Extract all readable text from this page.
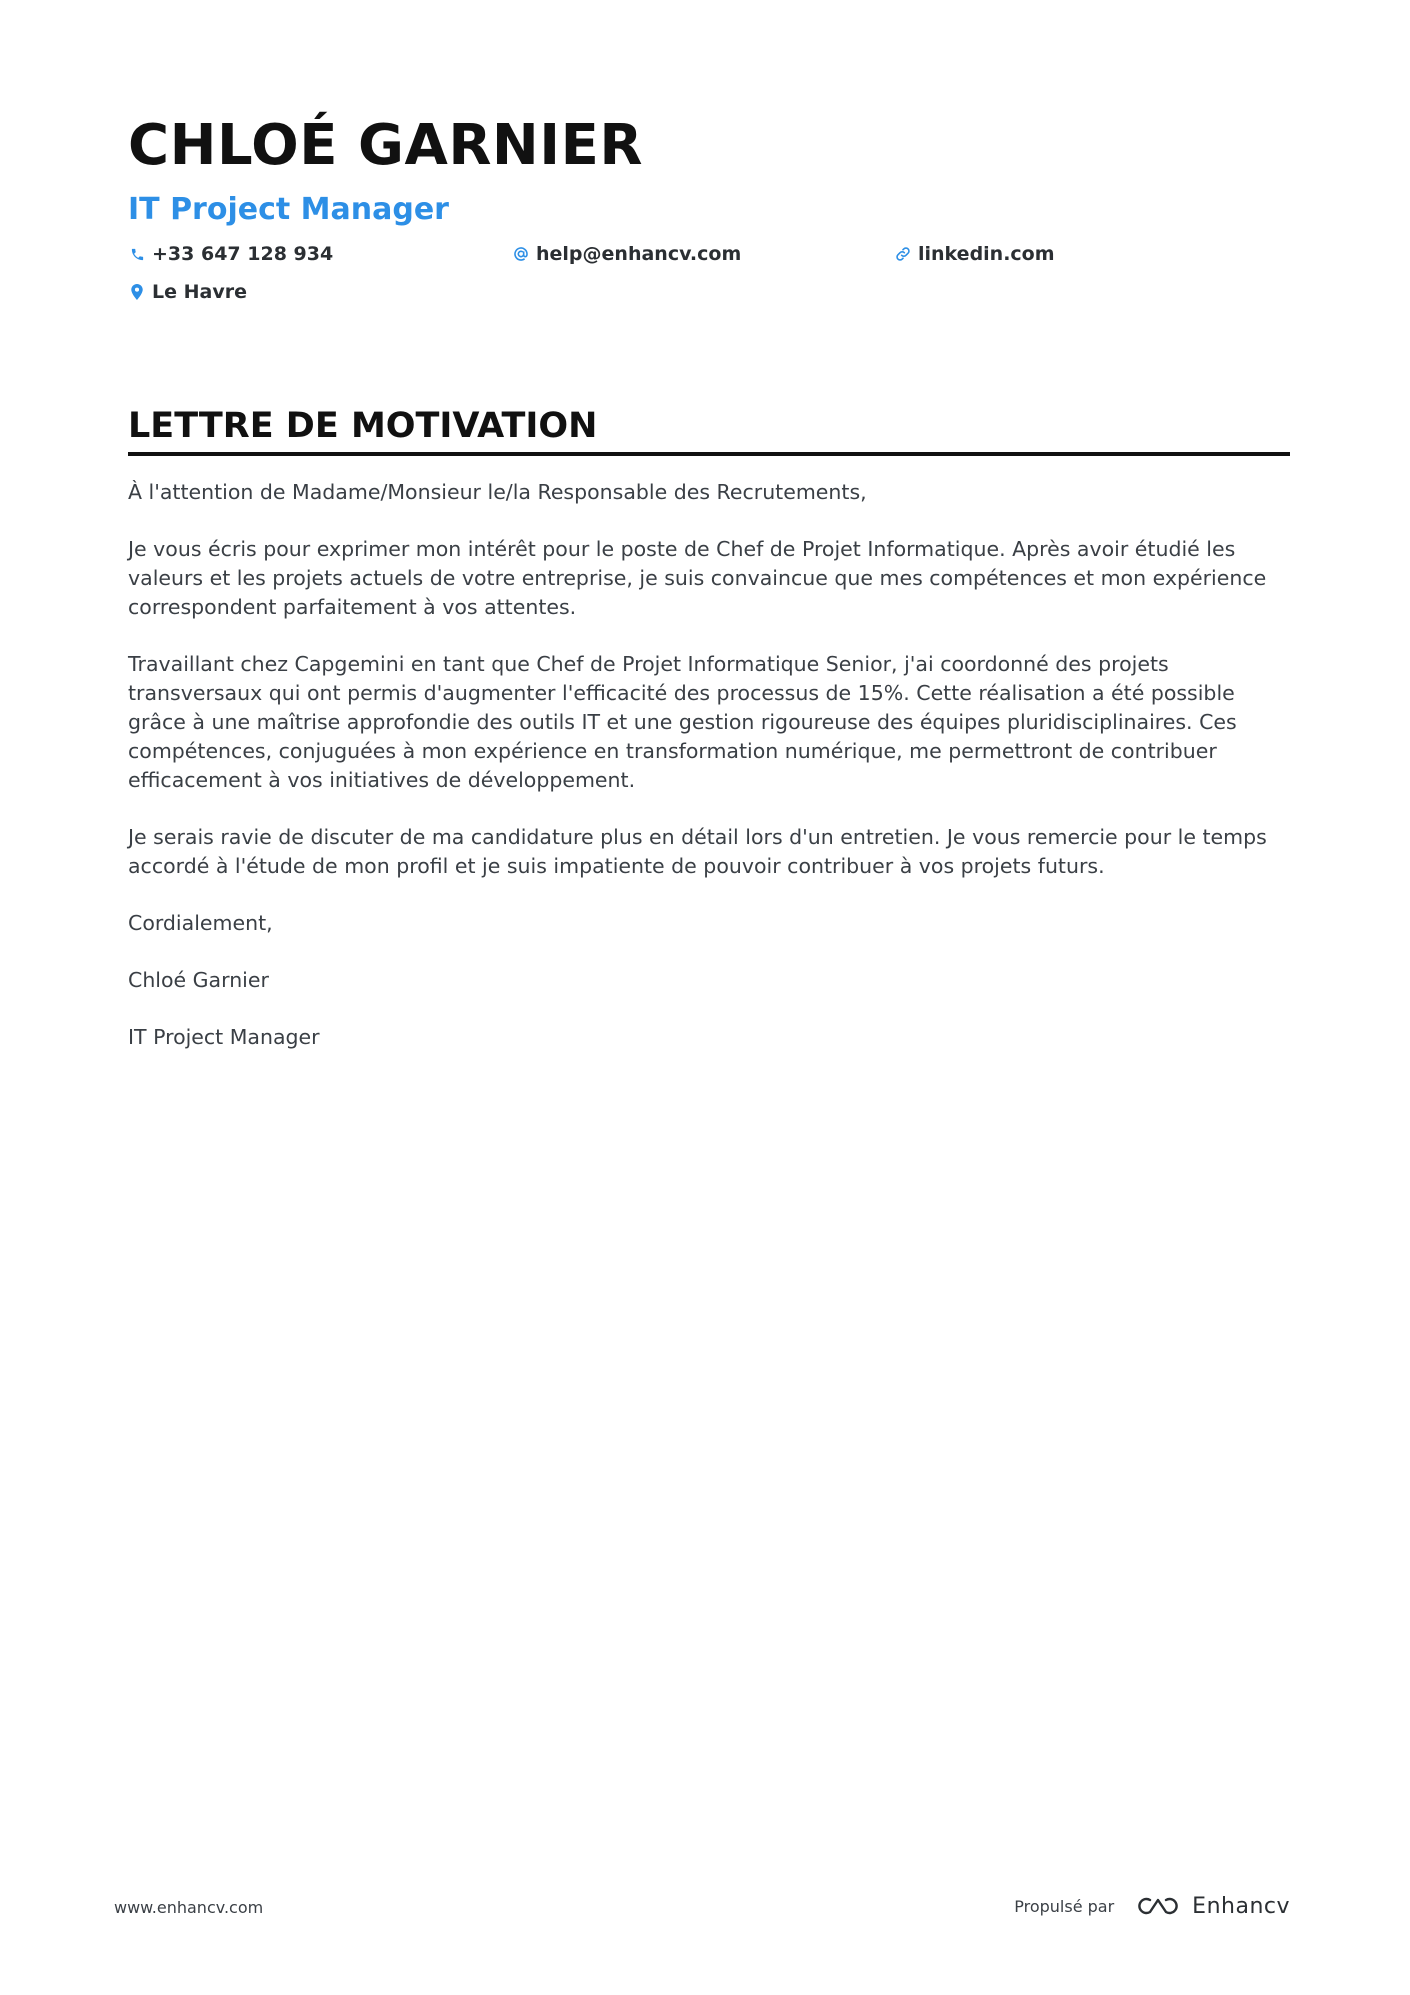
CHLOÉ GARNIER
IT Project Manager
+33 647 128 934	help@enhancv.com	linkedin.com
Le Havre
LETTRE DE MOTIVATION

À l'attention de Madame/Monsieur le/la Responsable des Recrutements,

Je vous écris pour exprimer mon intérêt pour le poste de Chef de Projet Informatique. Après avoir étudié les valeurs et les projets actuels de votre entreprise, je suis convaincue que mes compétences et mon expérience correspondent parfaitement à vos attentes.

Travaillant chez Capgemini en tant que Chef de Projet Informatique Senior, j'ai coordonné des projets transversaux qui ont permis d'augmenter l'efficacité des processus de 15%. Cette réalisation a été possible grâce à une maîtrise approfondie des outils IT et une gestion rigoureuse des équipes pluridisciplinaires. Ces compétences, conjuguées à mon expérience en transformation numérique, me permettront de contribuer efficacement à vos initiatives de développement.

Je serais ravie de discuter de ma candidature plus en détail lors d'un entretien. Je vous remercie pour le temps accordé à l'étude de mon profil et je suis impatiente de pouvoir contribuer à vos projets futurs.

Cordialement,

Chloé Garnier

IT Project Manager

www.enhancv.com	Propulsé par	Enhancv
